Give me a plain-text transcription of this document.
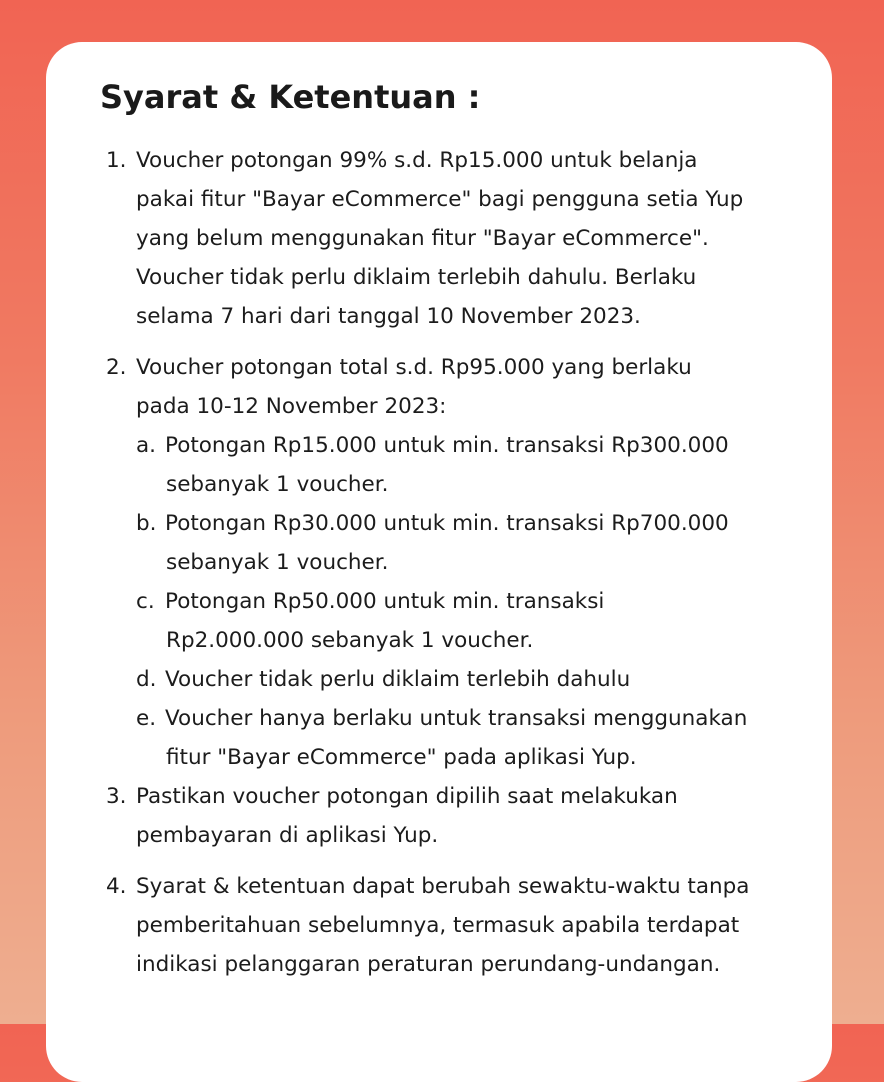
Syarat & Ketentuan :
1. Voucher potongan 99% s.d. Rp15.000 untuk belanja
pakai fitur "Bayar eCommerce" bagi pengguna setia Yup
yang belum menggunakan fitur "Bayar eCommerce".
Voucher tidak perlu diklaim terlebih dahulu. Berlaku
selama 7 hari dari tanggal 10 November 2023.
2. Voucher potongan total s.d. Rp95.000 yang berlaku
pada 10-12 November 2023:
a. Potongan Rp15.000 untuk min. transaksi Rp300.000
sebanyak 1 voucher.
b. Potongan Rp30.000 untuk min. transaksi Rp700.000
sebanyak 1 voucher.
c. Potongan Rp50.000 untuk min. transaksi
Rp2.000.000 sebanyak 1 voucher.
d. Voucher tidak perlu diklaim terlebih dahulu
e. Voucher hanya berlaku untuk transaksi menggunakan
fitur "Bayar eCommerce" pada aplikasi Yup.
3. Pastikan voucher potongan dipilih saat melakukan
pembayaran di aplikasi Yup.
4. Syarat & ketentuan dapat berubah sewaktu-waktu tanpa
pemberitahuan sebelumnya, termasuk apabila terdapat
indikasi pelanggaran peraturan perundang-undangan.
